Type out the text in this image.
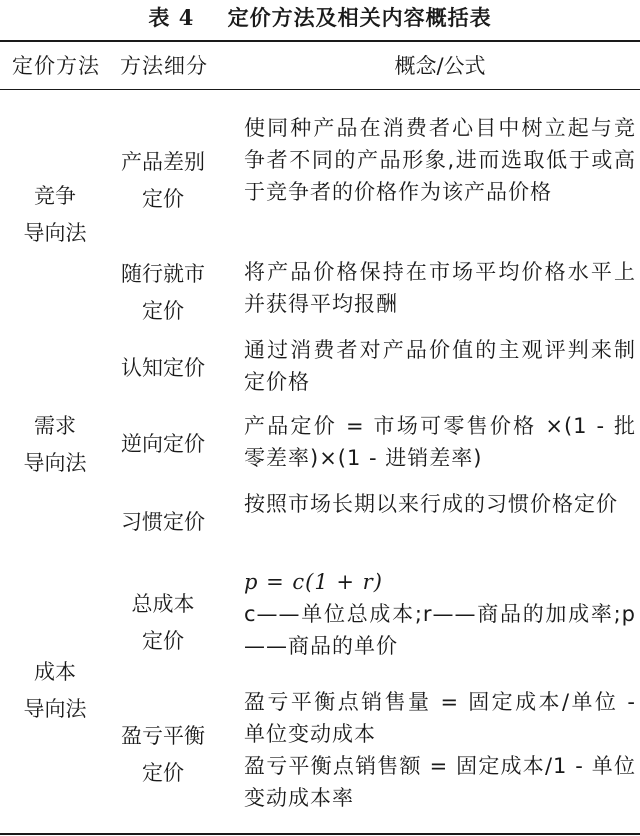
表 4 定价方法及相关内容概括表
定价方法 方法细分	概念/公式
竞争
导向法
需求
导向法
成本
导向法
产品差别
定价
使同种产品在消费者心目中树立起与竞争者不同的产品形象,进而选取低于或高于竞争者的价格作为该产品价格
随行就市
定价
将产品价格保持在市场平均价格水平上并获得平均报酬
认知定价
通过消费者对产品价值的主观评判来制定价格
逆向定价
产品定价 = 市场可零售价格 ×(1 - 批零差率)×(1 - 进销差率)
习惯定价
按照市场长期以来行成的习惯价格定价
总成本
定价
p = c(1 + r)
c——单位总成本;r——商品的加成率;p——商品的单价
盈亏平衡
定价
盈亏平衡点销售量 = 固定成本/单位 - 单位变动成本
盈亏平衡点销售额 = 固定成本/1 - 单位变动成本率
